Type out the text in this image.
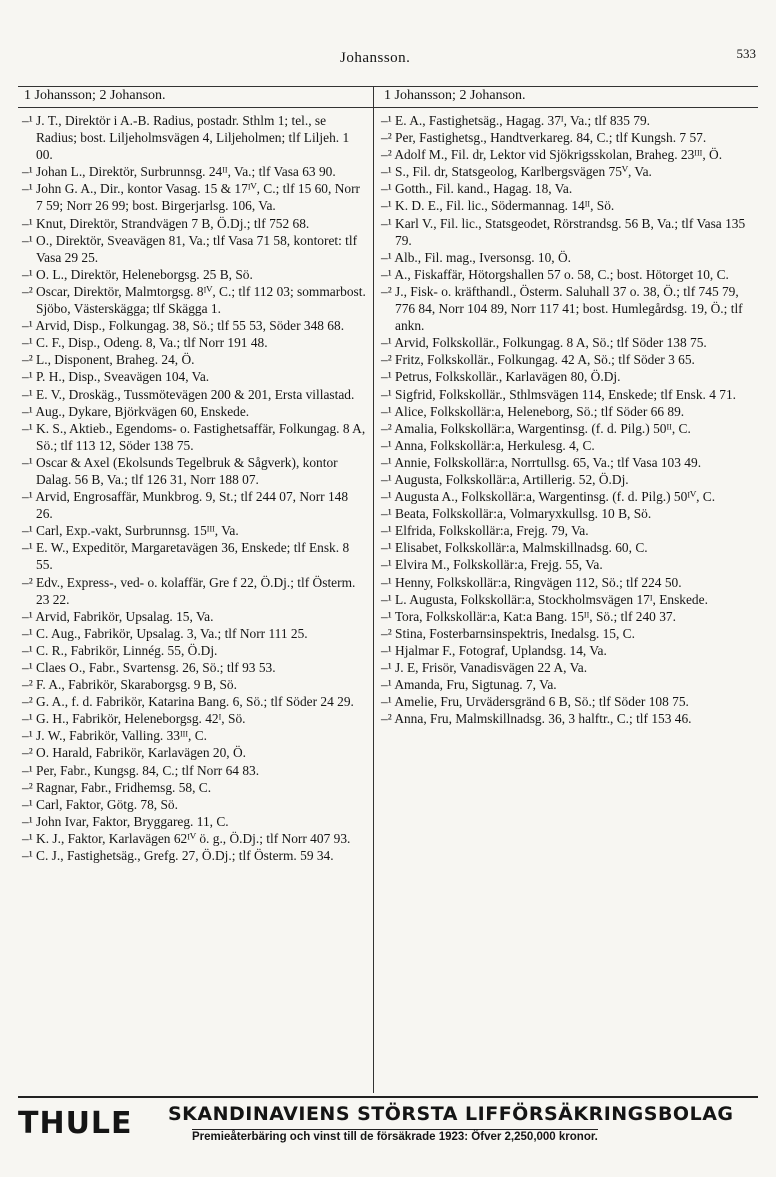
Johansson.	533
1 Johansson; 2 Johanson.	1 Johansson; 2 Johanson.

–¹ J. T., Direktör i A.-B. Radius, postadr. Sthlm 1; tel., se Radius; bost. Liljeholmsvägen 4, Liljeholmen; tlf Liljeh. 1 00.

–¹ Johan L., Direktör, Surbrunnsg. 24ᴵᴵ, Va.; tlf Vasa 63 90.

–¹ John G. A., Dir., kontor Vasag. 15 & 17ᴵⱽ, C.; tlf 15 60, Norr 7 59; Norr 26 99; bost. Birgerjarlsg. 106, Va.

–¹ Knut, Direktör, Strandvägen 7 B, Ö.Dj.; tlf 752 68.

–¹ O., Direktör, Sveavägen 81, Va.; tlf Vasa 71 58, kontoret: tlf Vasa 29 25.

–¹ O. L., Direktör, Heleneborgsg. 25 B, Sö.

–² Oscar, Direktör, Malmtorgsg. 8ᴵⱽ, C.; tlf 112 03; sommarbost. Sjöbo, Västerskägga; tlf Skägga 1.

–¹ Arvid, Disp., Folkungag. 38, Sö.; tlf 55 53, Söder 348 68.

–¹ C. F., Disp., Odeng. 8, Va.; tlf Norr 191 48.

–² L., Disponent, Braheg. 24, Ö.

–¹ P. H., Disp., Sveavägen 104, Va.

–¹ E. V., Droskäg., Tussmötevägen 200 & 201, Ersta villastad.

–¹ Aug., Dykare, Björkvägen 60, Enskede.

–¹ K. S., Aktieb., Egendoms- o. Fastighetsaffär, Folkungag. 8 A, Sö.; tlf 113 12, Söder 138 75.

–¹ Oscar & Axel (Ekolsunds Tegelbruk & Sågverk), kontor Dalag. 56 B, Va.; tlf 126 31, Norr 188 07.

–¹ Arvid, Engrosaffär, Munkbrog. 9, St.; tlf 244 07, Norr 148 26.

–¹ Carl, Exp.-vakt, Surbrunnsg. 15ᴵᴵᴵ, Va.

–¹ E. W., Expeditör, Margaretavägen 36, Enskede; tlf Ensk. 8 55.

–² Edv., Express-, ved- o. kolaffär, Gre f 22, Ö.Dj.; tlf Österm. 23 22.

–¹ Arvid, Fabrikör, Upsalag. 15, Va.

–¹ C. Aug., Fabrikör, Upsalag. 3, Va.; tlf Norr 111 25.

–¹ C. R., Fabrikör, Linnég. 55, Ö.Dj.

–¹ Claes O., Fabr., Svartensg. 26, Sö.; tlf 93 53.

–² F. A., Fabrikör, Skaraborgsg. 9 B, Sö.

–² G. A., f. d. Fabrikör, Katarina Bang. 6, Sö.; tlf Söder 24 29.

–¹ G. H., Fabrikör, Heleneborgsg. 42ᴵ, Sö.

–¹ J. W., Fabrikör, Valling. 33ᴵᴵᴵ, C.

–² O. Harald, Fabrikör, Karlavägen 20, Ö.

–¹ Per, Fabr., Kungsg. 84, C.; tlf Norr 64 83.

–² Ragnar, Fabr., Fridhemsg. 58, C.

–¹ Carl, Faktor, Götg. 78, Sö.

–¹ John Ivar, Faktor, Bryggareg. 11, C.

–¹ K. J., Faktor, Karlavägen 62ᴵⱽ ö. g., Ö.Dj.; tlf Norr 407 93.

–¹ C. J., Fastighetsäg., Grefg. 27, Ö.Dj.; tlf Österm. 59 34.

–¹ E. A., Fastighetsäg., Hagag. 37ᴵ, Va.; tlf 835 79.

–² Per, Fastighetsg., Handtverkareg. 84, C.; tlf Kungsh. 7 57.

–² Adolf M., Fil. dr, Lektor vid Sjökrigsskolan, Braheg. 23ᴵᴵᴵ, Ö.

–¹ S., Fil. dr, Statsgeolog, Karlbergsvägen 75ⱽ, Va.

–¹ Gotth., Fil. kand., Hagag. 18, Va.

–¹ K. D. E., Fil. lic., Södermannag. 14ᴵᴵ, Sö.

–¹ Karl V., Fil. lic., Statsgeodet, Rörstrandsg. 56 B, Va.; tlf Vasa 135 79.

–¹ Alb., Fil. mag., Iversonsg. 10, Ö.

–¹ A., Fiskaffär, Hötorgshallen 57 o. 58, C.; bost. Hötorget 10, C.

–² J., Fisk- o. kräfthandl., Österm. Saluhall 37 o. 38, Ö.; tlf 745 79, 776 84, Norr 104 89, Norr 117 41; bost. Humlegårdsg. 19, Ö.; tlf ankn.

–¹ Arvid, Folkskollär., Folkungag. 8 A, Sö.; tlf Söder 138 75.

–² Fritz, Folkskollär., Folkungag. 42 A, Sö.; tlf Söder 3 65.

–¹ Petrus, Folkskollär., Karlavägen 80, Ö.Dj.

–¹ Sigfrid, Folkskollär., Sthlmsvägen 114, Enskede; tlf Ensk. 4 71.

–¹ Alice, Folkskollär:a, Heleneborg, Sö.; tlf Söder 66 89.

–² Amalia, Folkskollär:a, Wargentinsg. (f. d. Pilg.) 50ᴵᴵ, C.

–¹ Anna, Folkskollär:a, Herkulesg. 4, C.

–¹ Annie, Folkskollär:a, Norrtullsg. 65, Va.; tlf Vasa 103 49.

–¹ Augusta, Folkskollär:a, Artillerig. 52, Ö.Dj.

–¹ Augusta A., Folkskollär:a, Wargentinsg. (f. d. Pilg.) 50ᴵⱽ, C.

–¹ Beata, Folkskollär:a, Volmaryxkullsg. 10 B, Sö.

–¹ Elfrida, Folkskollär:a, Frejg. 79, Va.

–¹ Elisabet, Folkskollär:a, Malmskillnadsg. 60, C.

–¹ Elvira M., Folkskollär:a, Frejg. 55, Va.

–¹ Henny, Folkskollär:a, Ringvägen 112, Sö.; tlf 224 50.

–¹ L. Augusta, Folkskollär:a, Stockholmsvägen 17ᴵ, Enskede.

–¹ Tora, Folkskollär:a, Kat:a Bang. 15ᴵᴵ, Sö.; tlf 240 37.

–² Stina, Fosterbarnsinspektris, Inedalsg. 15, C.

–¹ Hjalmar F., Fotograf, Uplandsg. 14, Va.

–¹ J. E, Frisör, Vanadisvägen 22 A, Va.

–¹ Amanda, Fru, Sigtunag. 7, Va.

–¹ Amelie, Fru, Urvädersgränd 6 B, Sö.; tlf Söder 108 75.

–² Anna, Fru, Malmskillnadsg. 36, 3 halftr., C.; tlf 153 46.

THULE SKANDINAVIENS STÖRSTA LIFFÖRSÄKRINGSBOLAG
Premieåterbäring och vinst till de försäkrade 1923: Öfver 2,250,000 kronor.
